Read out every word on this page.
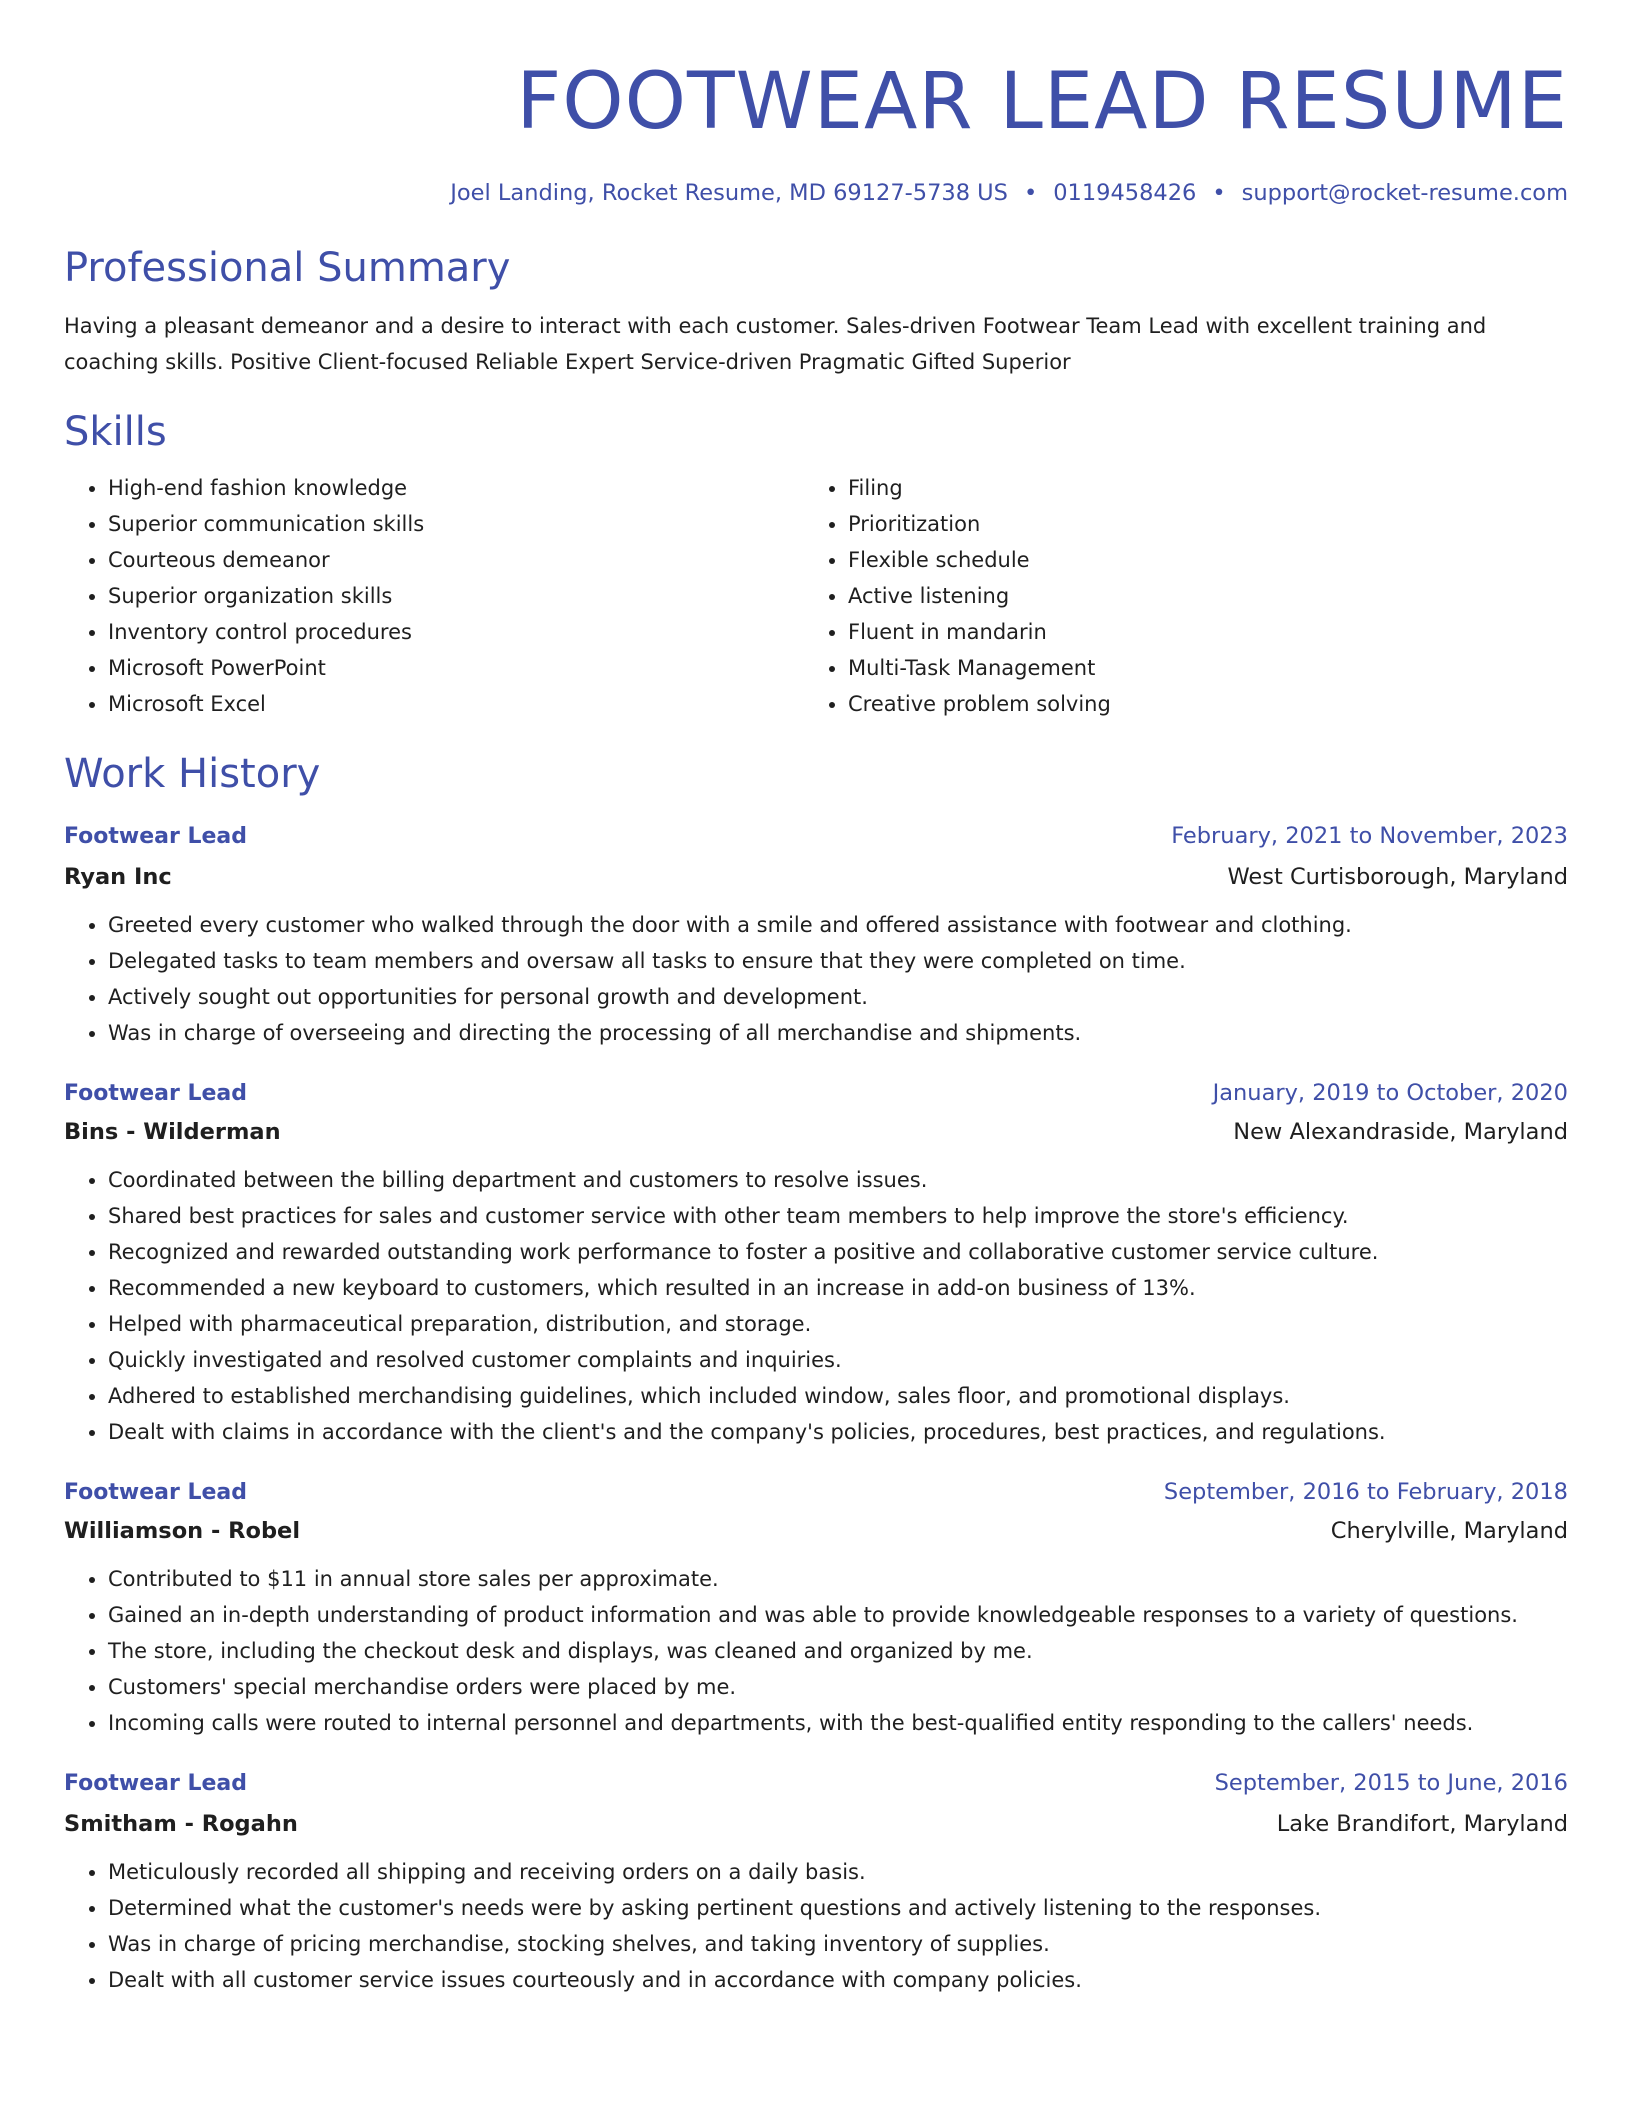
FOOTWEAR LEAD RESUME
Joel Landing, Rocket Resume, MD 69127-5738 US • 0119458426 • support@rocket-resume.com
Professional Summary
Having a pleasant demeanor and a desire to interact with each customer. Sales-driven Footwear Team Lead with excellent training and coaching skills. Positive Client-focused Reliable Expert Service-driven Pragmatic Gifted Superior
Skills
• High-end fashion knowledge
• Superior communication skills
• Courteous demeanor
• Superior organization skills
• Inventory control procedures
• Microsoft PowerPoint
• Microsoft Excel
• Filing
• Prioritization
• Flexible schedule
• Active listening
• Fluent in mandarin
• Multi-Task Management
• Creative problem solving
Work History
Footwear Lead	February, 2021 to November, 2023
Ryan Inc	West Curtisborough, Maryland
• Greeted every customer who walked through the door with a smile and offered assistance with footwear and clothing.
• Delegated tasks to team members and oversaw all tasks to ensure that they were completed on time.
• Actively sought out opportunities for personal growth and development.
• Was in charge of overseeing and directing the processing of all merchandise and shipments.
Footwear Lead	January, 2019 to October, 2020
Bins - Wilderman	New Alexandraside, Maryland
• Coordinated between the billing department and customers to resolve issues.
• Shared best practices for sales and customer service with other team members to help improve the store's efficiency.
• Recognized and rewarded outstanding work performance to foster a positive and collaborative customer service culture.
• Recommended a new keyboard to customers, which resulted in an increase in add-on business of 13%.
• Helped with pharmaceutical preparation, distribution, and storage.
• Quickly investigated and resolved customer complaints and inquiries.
• Adhered to established merchandising guidelines, which included window, sales floor, and promotional displays.
• Dealt with claims in accordance with the client's and the company's policies, procedures, best practices, and regulations.
Footwear Lead	September, 2016 to February, 2018
Williamson - Robel	Cherylville, Maryland
• Contributed to $11 in annual store sales per approximate.
• Gained an in-depth understanding of product information and was able to provide knowledgeable responses to a variety of questions.
• The store, including the checkout desk and displays, was cleaned and organized by me.
• Customers' special merchandise orders were placed by me.
• Incoming calls were routed to internal personnel and departments, with the best-qualified entity responding to the callers' needs.
Footwear Lead	September, 2015 to June, 2016
Smitham - Rogahn	Lake Brandifort, Maryland
• Meticulously recorded all shipping and receiving orders on a daily basis.
• Determined what the customer's needs were by asking pertinent questions and actively listening to the responses.
• Was in charge of pricing merchandise, stocking shelves, and taking inventory of supplies.
• Dealt with all customer service issues courteously and in accordance with company policies.
